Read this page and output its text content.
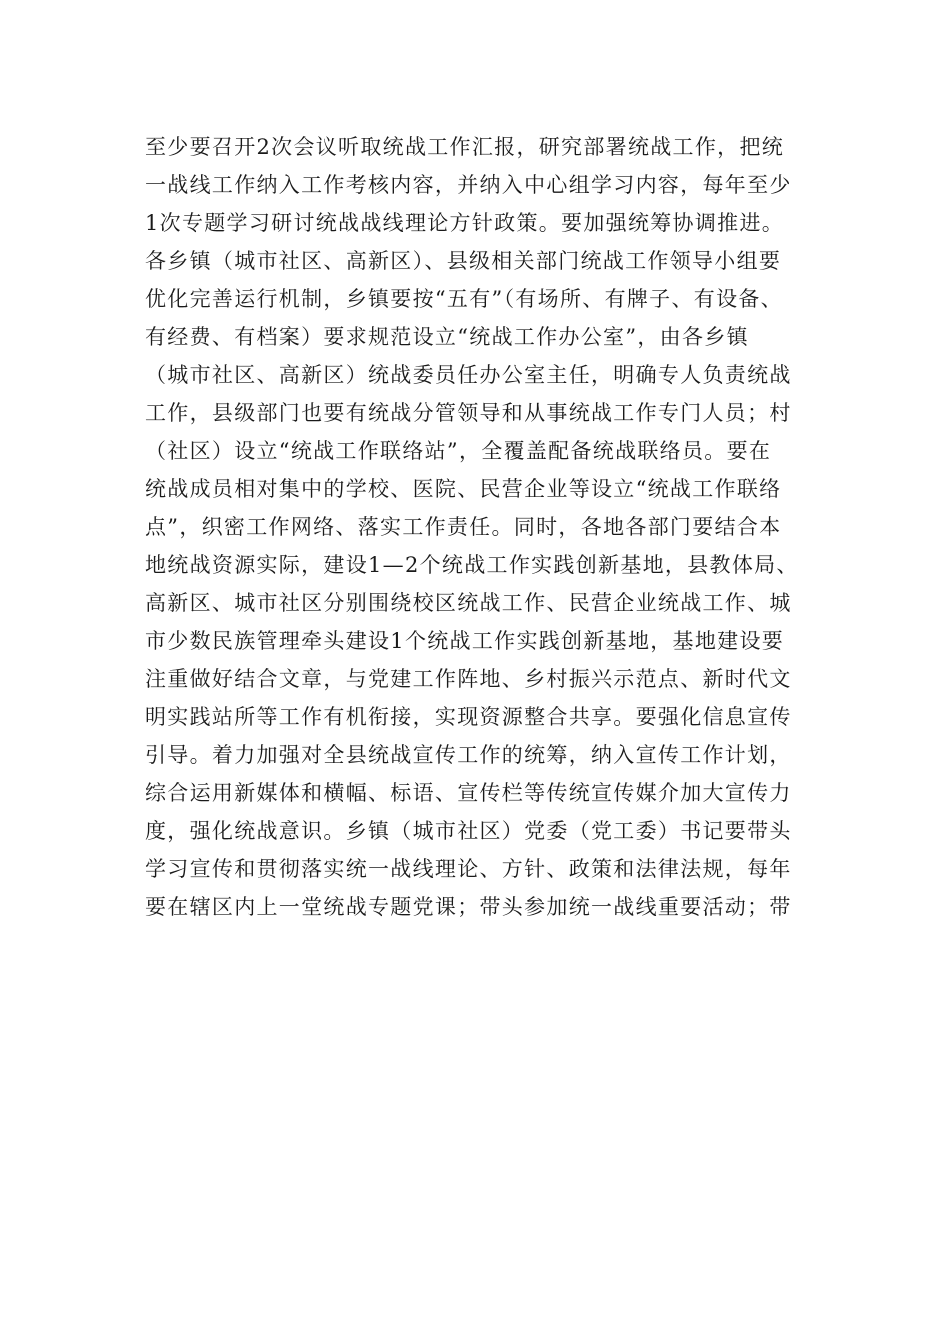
至少要召开2次会议听取统战工作汇报，研究部署统战工作，把统
一战线工作纳入工作考核内容，并纳入中心组学习内容，每年至少
1次专题学习研讨统战战线理论方针政策。要加强统筹协调推进。
各乡镇（城市社区、高新区）、县级相关部门统战工作领导小组要
优化完善运行机制，乡镇要按“五有”（有场所、有牌子、有设备、
有经费、有档案）要求规范设立“统战工作办公室”，由各乡镇
（城市社区、高新区）统战委员任办公室主任，明确专人负责统战
工作，县级部门也要有统战分管领导和从事统战工作专门人员；村
（社区）设立“统战工作联络站”，全覆盖配备统战联络员。要在
统战成员相对集中的学校、医院、民营企业等设立“统战工作联络
点”，织密工作网络、落实工作责任。同时，各地各部门要结合本
地统战资源实际，建设1—2个统战工作实践创新基地，县教体局、
高新区、城市社区分别围绕校区统战工作、民营企业统战工作、城
市少数民族管理牵头建设1个统战工作实践创新基地，基地建设要
注重做好结合文章，与党建工作阵地、乡村振兴示范点、新时代文
明实践站所等工作有机衔接，实现资源整合共享。要强化信息宣传
引导。着力加强对全县统战宣传工作的统筹，纳入宣传工作计划，
综合运用新媒体和横幅、标语、宣传栏等传统宣传媒介加大宣传力
度，强化统战意识。乡镇（城市社区）党委（党工委）书记要带头
学习宣传和贯彻落实统一战线理论、方针、政策和法律法规，每年
要在辖区内上一堂统战专题党课；带头参加统一战线重要活动；带
